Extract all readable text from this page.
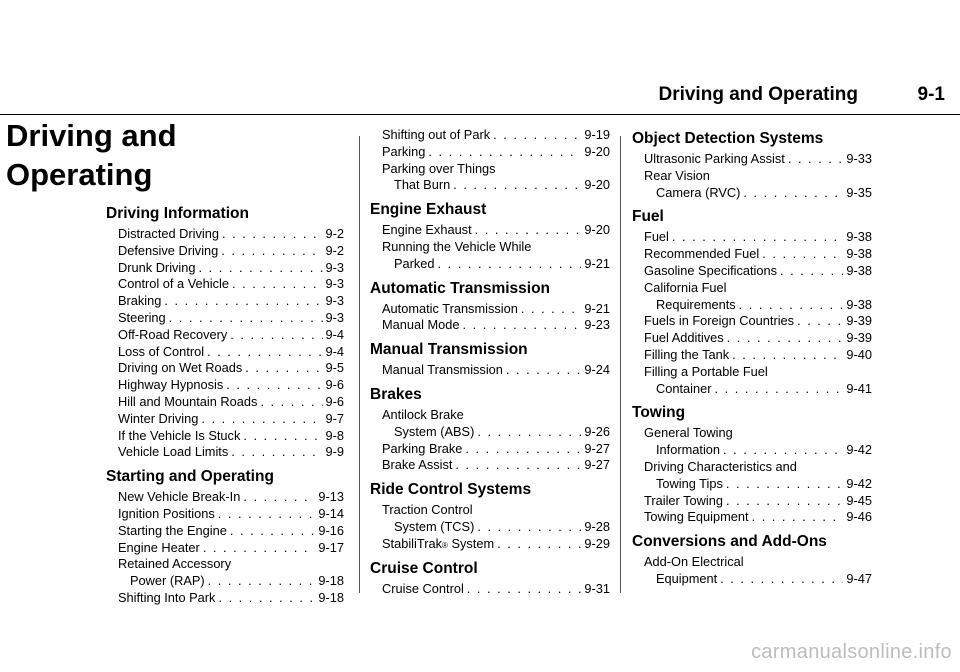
Driving and Operating	9-1
Driving and
Operating
Driving Information
Distracted Driving . . .	9-2
Defensive Driving . . .	9-2
Drunk Driving . . .	9-3
Control of a Vehicle . . .	9-3
Braking . . .	9-3
Steering . . .	9-3
Off-Road Recovery . . .	9-4
Loss of Control . . .	9-4
Driving on Wet Roads . . .	9-5
Highway Hypnosis . . .	9-6
Hill and Mountain Roads . . .	9-6
Winter Driving . . .	9-7
If the Vehicle Is Stuck . . .	9-8
Vehicle Load Limits . . .	9-9
Starting and Operating
New Vehicle Break-In . . .	9-13
Ignition Positions . . .	9-14
Starting the Engine . . .	9-16
Engine Heater . . .	9-17
Retained Accessory
Power (RAP) . . .	9-18
Shifting Into Park . . .	9-18
Shifting out of Park . . .	9-19
Parking . . .	9-20
Parking over Things
That Burn . . .	9-20
Engine Exhaust
Engine Exhaust . . .	9-20
Running the Vehicle While
Parked . . .	9-21
Automatic Transmission
Automatic Transmission . . .	9-21
Manual Mode . . .	9-23
Manual Transmission
Manual Transmission . . .	9-24
Brakes
Antilock Brake
System (ABS) . . .	9-26
Parking Brake . . .	9-27
Brake Assist . . .	9-27
Ride Control Systems
Traction Control
System (TCS) . . .	9-28
StabiliTrak ® System . . .	9-29
Cruise Control
Cruise Control . . .	9-31
Object Detection Systems
Ultrasonic Parking Assist . . .	9-33
Rear Vision
Camera (RVC) . . .	9-35
Fuel
Fuel . . .	9-38
Recommended Fuel . . .	9-38
Gasoline Specifications . . .	9-38
California Fuel
Requirements . . .	9-38
Fuels in Foreign Countries . . .	9-39
Fuel Additives . . .	9-39
Filling the Tank . . .	9-40
Filling a Portable Fuel
Container . . .	9-41
Towing
General Towing
Information . . .	9-42
Driving Characteristics and
Towing Tips . . .	9-42
Trailer Towing . . .	9-45
Towing Equipment . . .	9-46
Conversions and Add-Ons
Add-On Electrical
Equipment . . .	9-47
carmanualsonline.info
